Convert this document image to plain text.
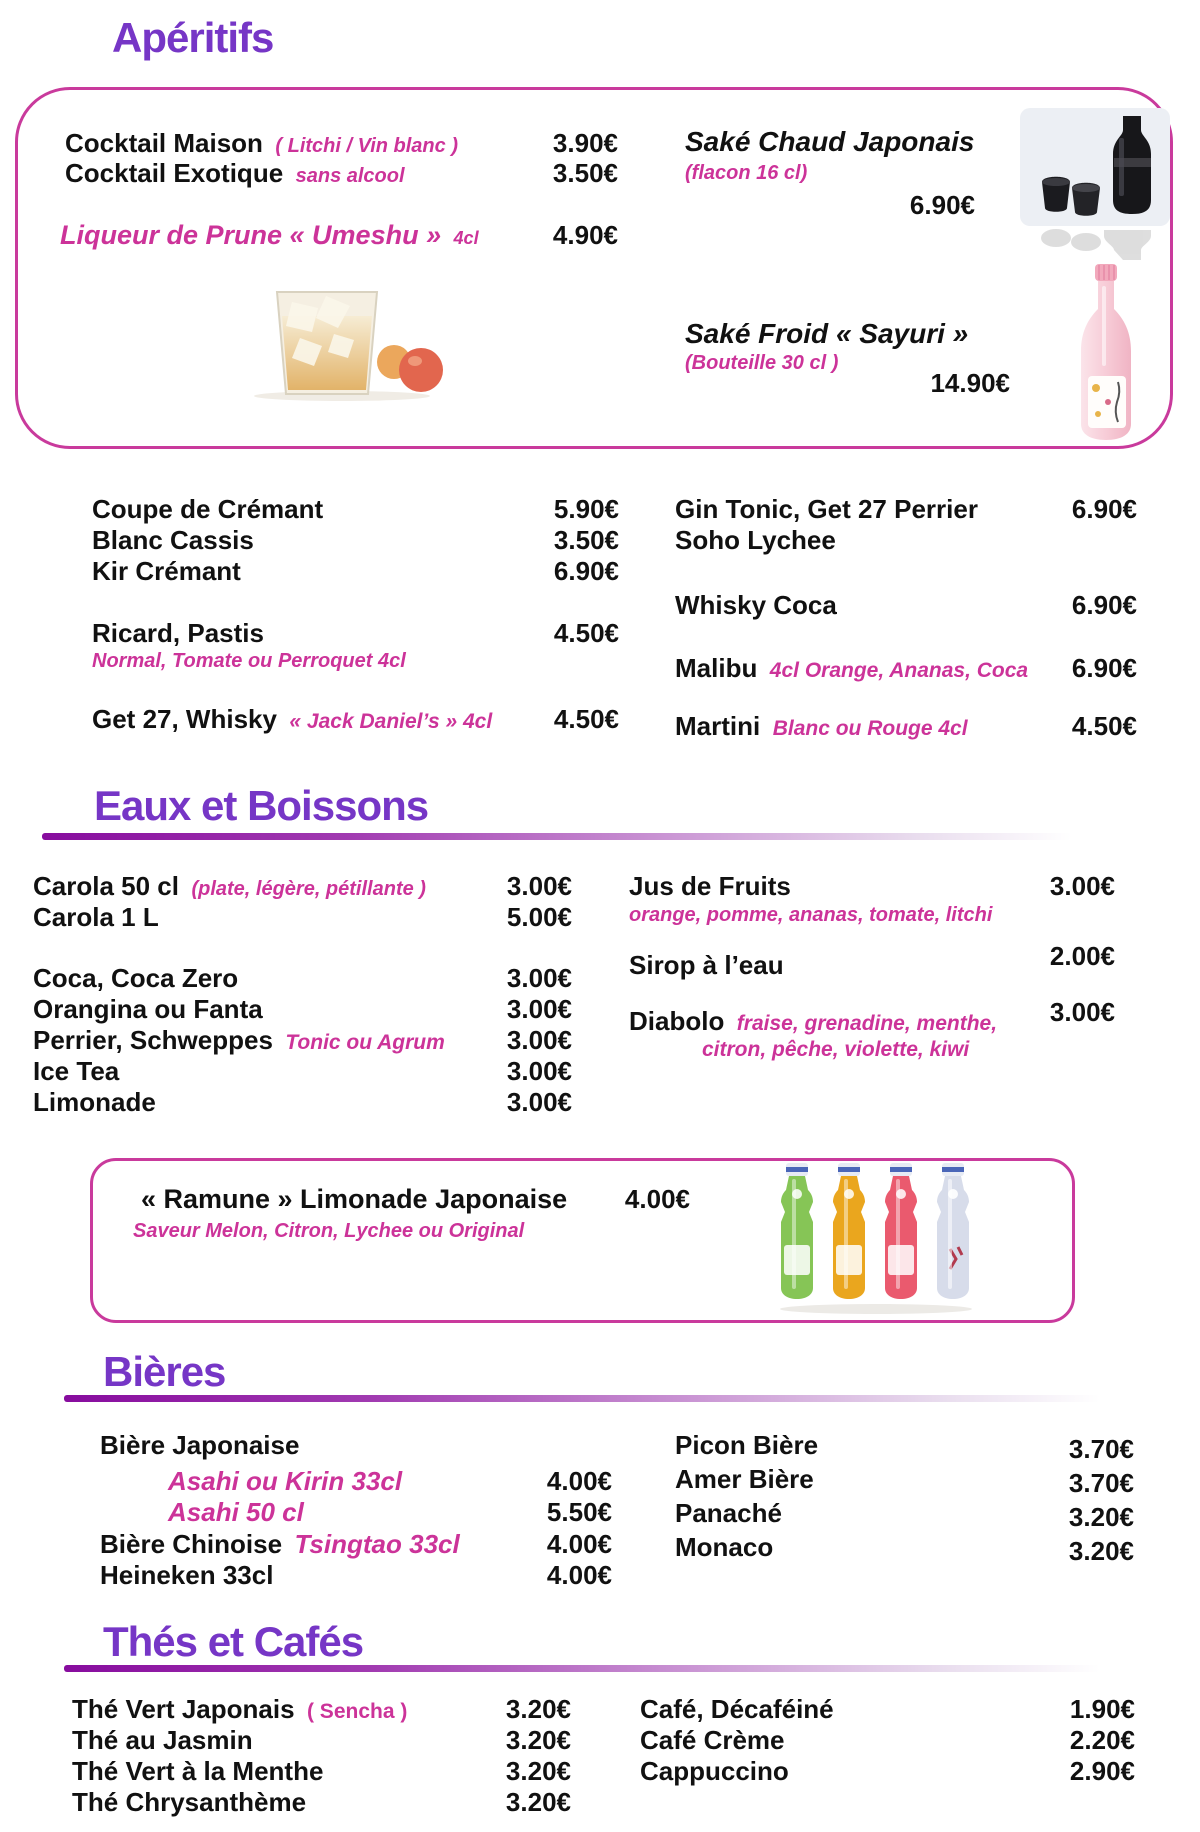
Apéritifs
Cocktail Maison ( Litchi / Vin blanc )	3.90€
Cocktail Exotique sans alcool	3.50€
Liqueur de Prune « Umeshu » 4cl	4.90€
Saké Chaud Japonais
(flacon 16 cl)
6.90€
Saké Froid « Sayuri »
(Bouteille 30 cl )
14.90€
Coupe de Crémant	5.90€
Blanc Cassis	3.50€
Kir Crémant	6.90€
Ricard, Pastis	4.50€
Normal, Tomate ou Perroquet 4cl
Get 27, Whisky « Jack Daniel’s » 4cl	4.50€
Gin Tonic, Get 27 Perrier
Soho Lychee
6.90€
Whisky Coca	6.90€
Malibu 4cl Orange, Ananas, Coca	6.90€
Martini Blanc ou Rouge 4cl	4.50€
Eaux et Boissons
Carola 50 cl (plate, légère, pétillante )	3.00€
Carola 1 L	5.00€
Coca, Coca Zero	3.00€
Orangina ou Fanta	3.00€
Perrier, Schweppes Tonic ou Agrum	3.00€
Ice Tea	3.00€
Limonade	3.00€
Jus de Fruits	3.00€
orange, pomme, ananas, tomate, litchi
Sirop à l’eau	2.00€
Diabolo fraise, grenadine, menthe,
citron, pêche, violette, kiwi
3.00€
« Ramune » Limonade Japonaise	4.00€
Saveur Melon, Citron, Lychee ou Original
Bières
Bière Japonaise
Asahi ou Kirin 33cl	4.00€
Asahi 50 cl	5.50€
Bière Chinoise Tsingtao 33cl	4.00€
Heineken 33cl	4.00€
Picon Bière	3.70€
Amer Bière	3.70€
Panaché	3.20€
Monaco	3.20€
Thés et Cafés
Thé Vert Japonais ( Sencha )	3.20€
Thé au Jasmin	3.20€
Thé Vert à la Menthe	3.20€
Thé Chrysanthème	3.20€
Café, Décaféiné	1.90€
Café Crème	2.20€
Cappuccino	2.90€
